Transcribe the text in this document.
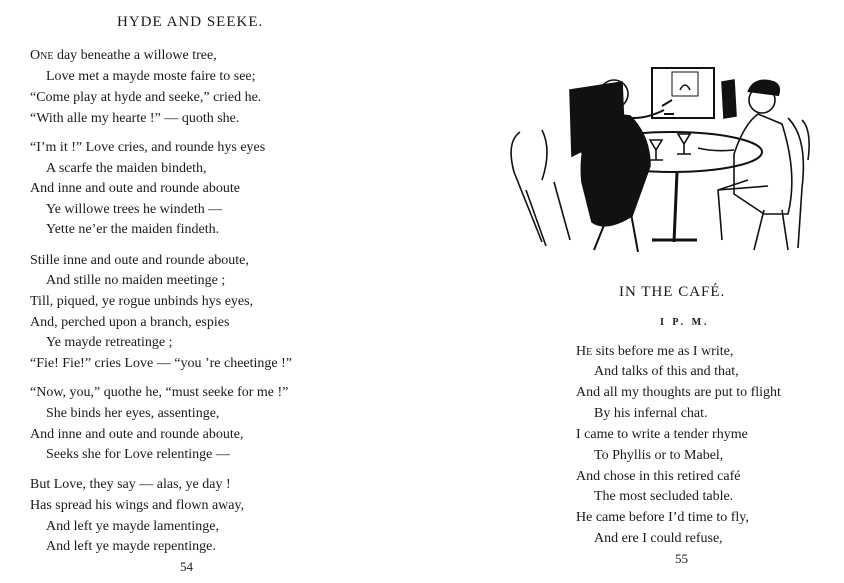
HYDE AND SEEKE.
One day beneathe a willowe tree,
Love met a mayde moste faire to see;
“Come play at hyde and seeke,” cried he.
“With alle my hearte !” — quoth she.
“I’m it !” Love cries, and rounde hys eyes
A scarfe the maiden bindeth,
And inne and oute and rounde aboute
Ye willowe trees he windeth —
Yette ne’er the maiden findeth.
Stille inne and oute and rounde aboute,
And stille no maiden meetinge ;
Till, piqued, ye rogue unbinds hys eyes,
And, perched upon a branch, espies
Ye mayde retreatinge ;
“Fie! Fie!” cries Love — “you ’re cheetinge !”
“Now, you,” quothe he, “must seeke for me !”
She binds her eyes, assentinge,
And inne and oute and rounde aboute,
Seeks she for Love relentinge —
But Love, they say — alas, ye day !
Has spread his wings and flown away,
And left ye mayde lamentinge,
And left ye mayde repentinge.
54
IN THE CAFÉ.
I P. M.
He sits before me as I write,
And talks of this and that,
And all my thoughts are put to flight
By his infernal chat.
I came to write a tender rhyme
To Phyllis or to Mabel,
And chose in this retired café
The most secluded table.
He came before I’d time to fly,
And ere I could refuse,
55
